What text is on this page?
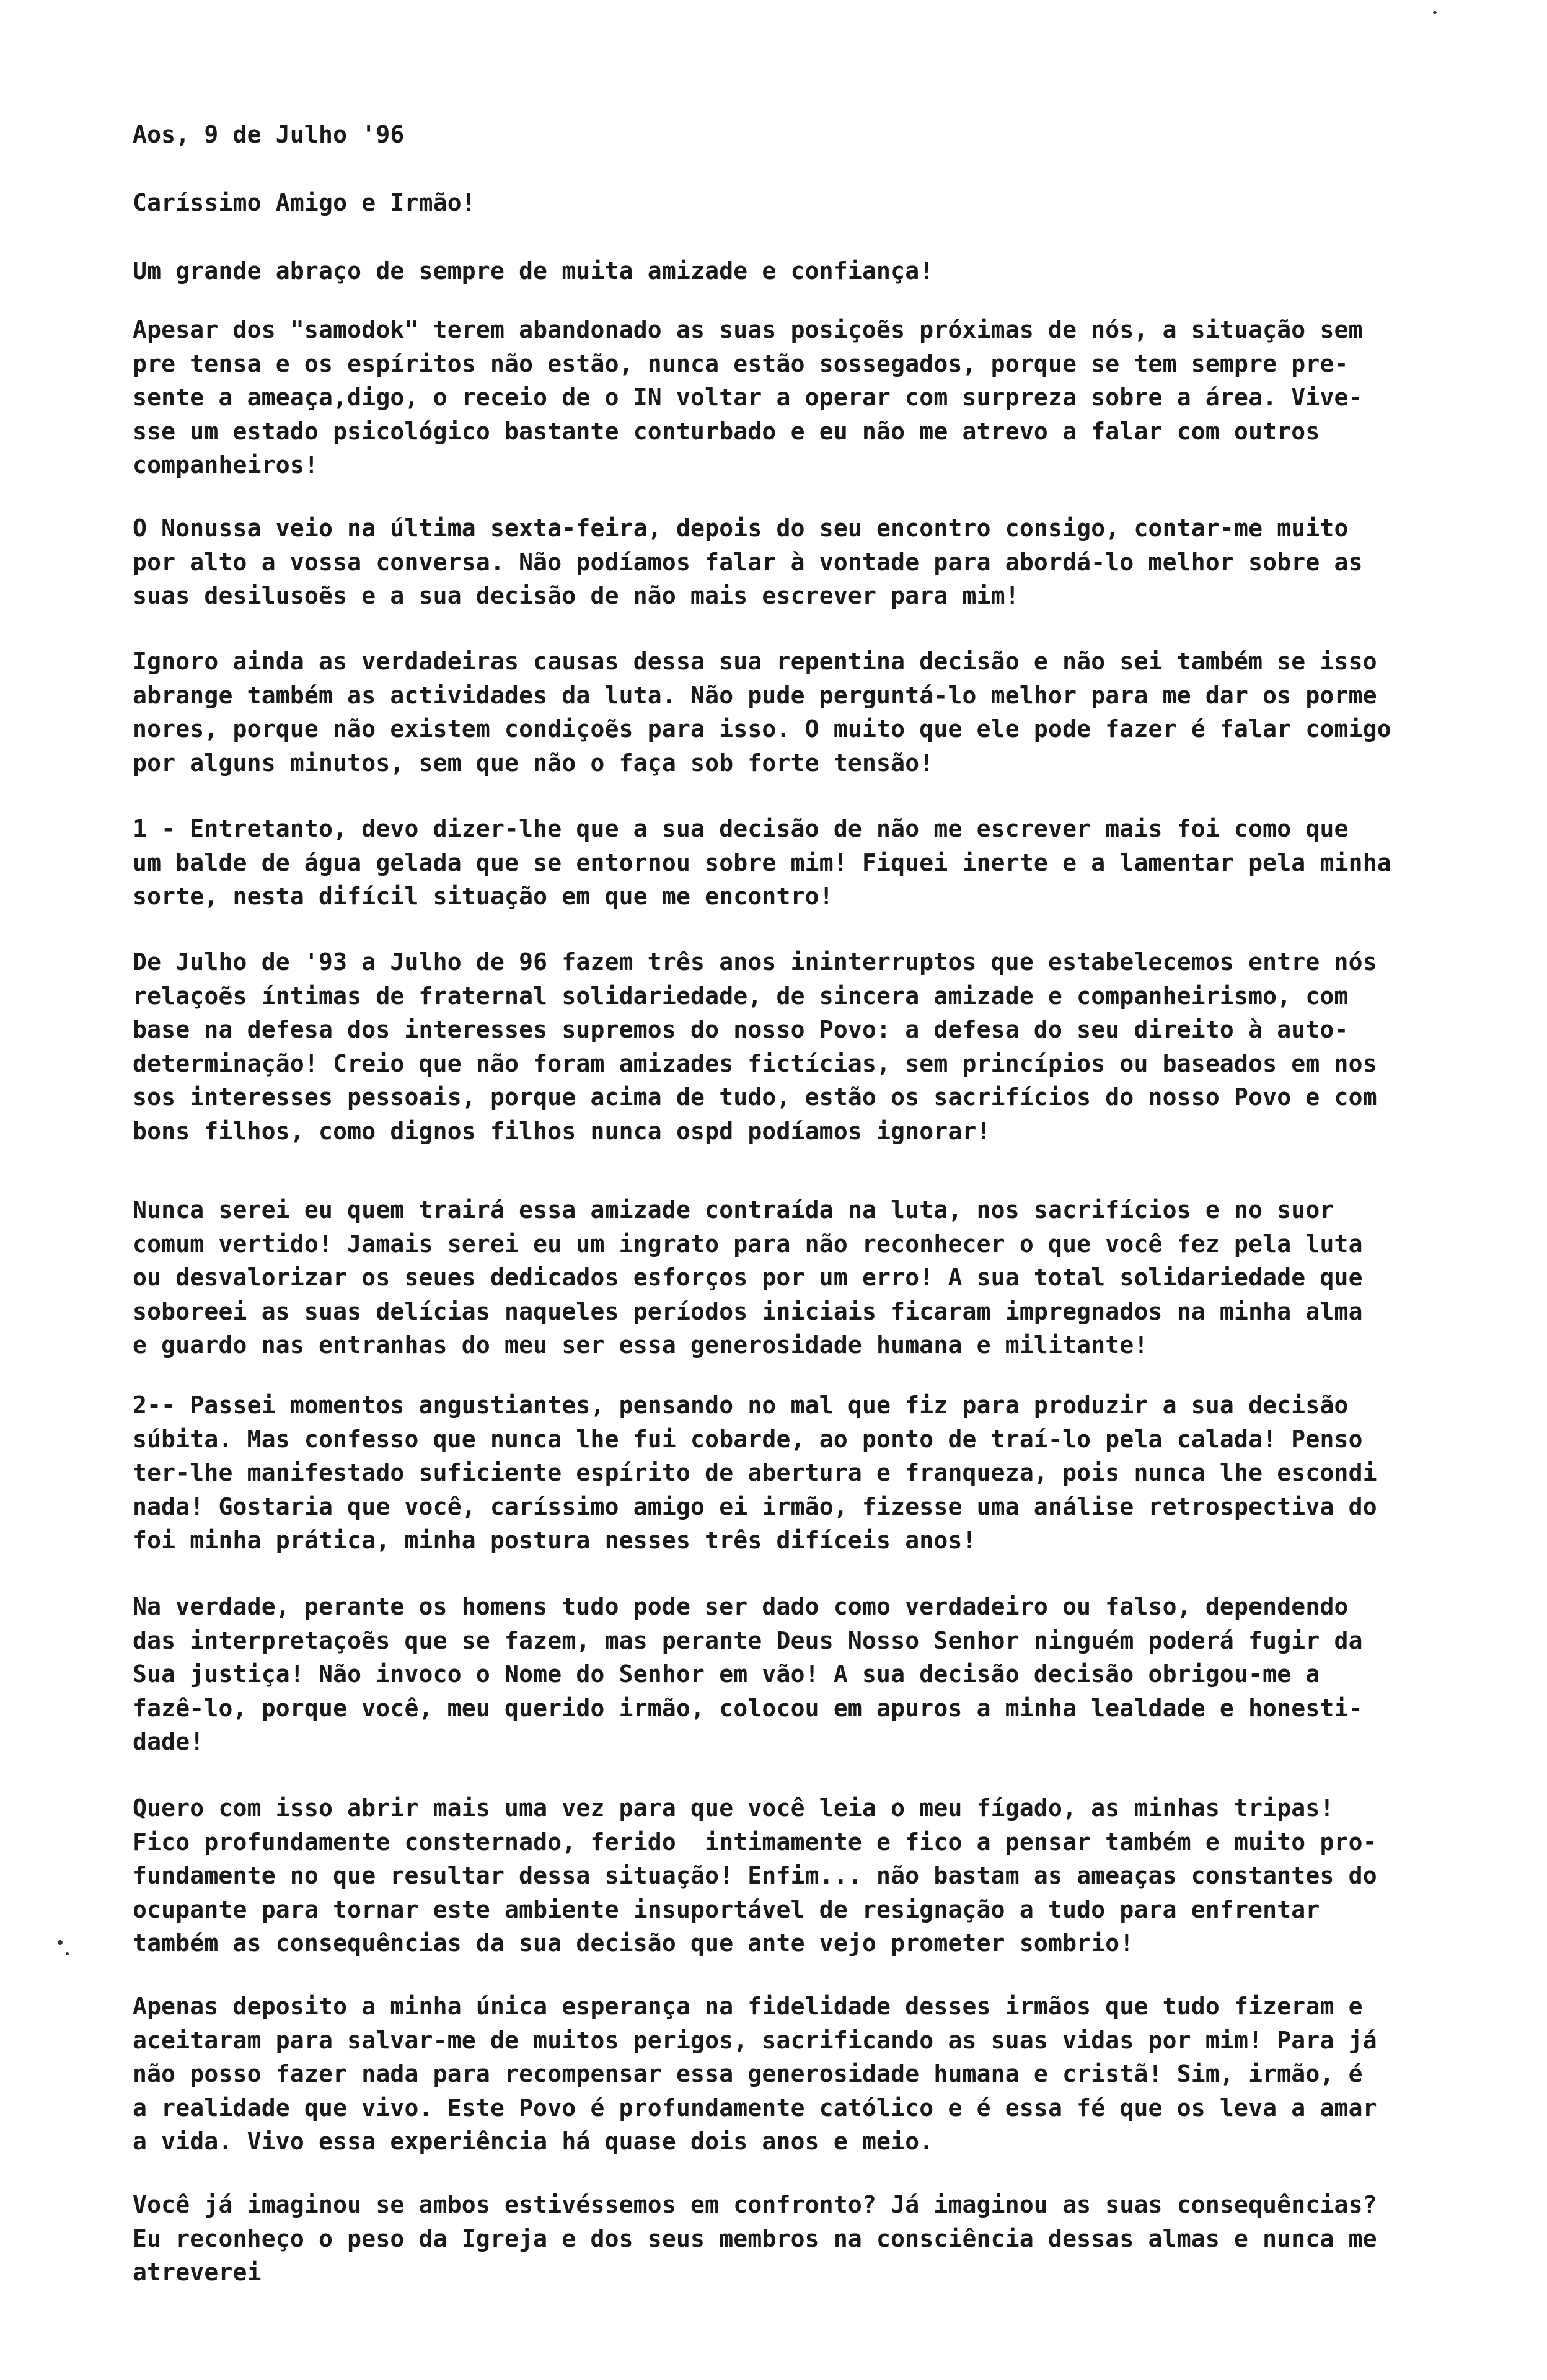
Aos, 9 de Julho '96
Caríssimo Amigo e Irmão!
Um grande abraço de sempre de muita amizade e confiança!
Apesar dos "samodok" terem abandonado as suas posiçoẽs próximas de nós, a situação sem
pre tensa e os espíritos não estão, nunca estão sossegados, porque se tem sempre pre-
sente a ameaça,digo, o receio de o IN voltar a operar com surpreza sobre a área. Vive-
sse um estado psicológico bastante conturbado e eu não me atrevo a falar com outros
companheiros!
O Nonussa veio na última sexta-feira, depois do seu encontro consigo, contar-me muito
por alto a vossa conversa. Não podíamos falar à vontade para abordá-lo melhor sobre as
suas desilusoẽs e a sua decisão de não mais escrever para mim!
Ignoro ainda as verdadeiras causas dessa sua repentina decisão e não sei também se isso
abrange também as actividades da luta. Não pude perguntá-lo melhor para me dar os porme
nores, porque não existem condiçoẽs para isso. O muito que ele pode fazer é falar comigo
por alguns minutos, sem que não o faça sob forte tensão!
1 - Entretanto, devo dizer-lhe que a sua decisão de não me escrever mais foi como que
um balde de água gelada que se entornou sobre mim! Fiquei inerte e a lamentar pela minha
sorte, nesta difícil situação em que me encontro!
De Julho de '93 a Julho de 96 fazem três anos ininterruptos que estabelecemos entre nós
relaçoẽs íntimas de fraternal solidariedade, de sincera amizade e companheirismo, com
base na defesa dos interesses supremos do nosso Povo: a defesa do seu direito à auto-
determinação! Creio que não foram amizades fictícias, sem princípios ou baseados em nos
sos interesses pessoais, porque acima de tudo, estão os sacrifícios do nosso Povo e com
bons filhos, como dignos filhos nunca ospd podíamos ignorar!
Nunca serei eu quem trairá essa amizade contraída na luta, nos sacrifícios e no suor
comum vertido! Jamais serei eu um ingrato para não reconhecer o que você fez pela luta
ou desvalorizar os seues dedicados esforços por um erro! A sua total solidariedade que
soboreei as suas delícias naqueles períodos iniciais ficaram impregnados na minha alma
e guardo nas entranhas do meu ser essa generosidade humana e militante!
2-- Passei momentos angustiantes, pensando no mal que fiz para produzir a sua decisão
súbita. Mas confesso que nunca lhe fui cobarde, ao ponto de traí-lo pela calada! Penso
ter-lhe manifestado suficiente espírito de abertura e franqueza, pois nunca lhe escondi
nada! Gostaria que você, caríssimo amigo ei irmão, fizesse uma análise retrospectiva do
foi minha prática, minha postura nesses três difíceis anos!
Na verdade, perante os homens tudo pode ser dado como verdadeiro ou falso, dependendo
das interpretaçoẽs que se fazem, mas perante Deus Nosso Senhor ninguém poderá fugir da
Sua justiça! Não invoco o Nome do Senhor em vão! A sua decisão decisão obrigou-me a
fazê-lo, porque você, meu querido irmão, colocou em apuros a minha lealdade e honesti-
dade!
Quero com isso abrir mais uma vez para que você leia o meu fígado, as minhas tripas!
Fico profundamente consternado, ferido  intimamente e fico a pensar também e muito pro-
fundamente no que resultar dessa situação! Enfim... não bastam as ameaças constantes do
ocupante para tornar este ambiente insuportável de resignação a tudo para enfrentar
também as consequências da sua decisão que ante vejo prometer sombrio!
Apenas deposito a minha única esperança na fidelidade desses irmãos que tudo fizeram e
aceitaram para salvar-me de muitos perigos, sacrificando as suas vidas por mim! Para já
não posso fazer nada para recompensar essa generosidade humana e cristã! Sim, irmão, é
a realidade que vivo. Este Povo é profundamente católico e é essa fé que os leva a amar
a vida. Vivo essa experiência há quase dois anos e meio.
Você já imaginou se ambos estivéssemos em confronto? Já imaginou as suas consequências?
Eu reconheço o peso da Igreja e dos seus membros na consciência dessas almas e nunca me
atreverei
